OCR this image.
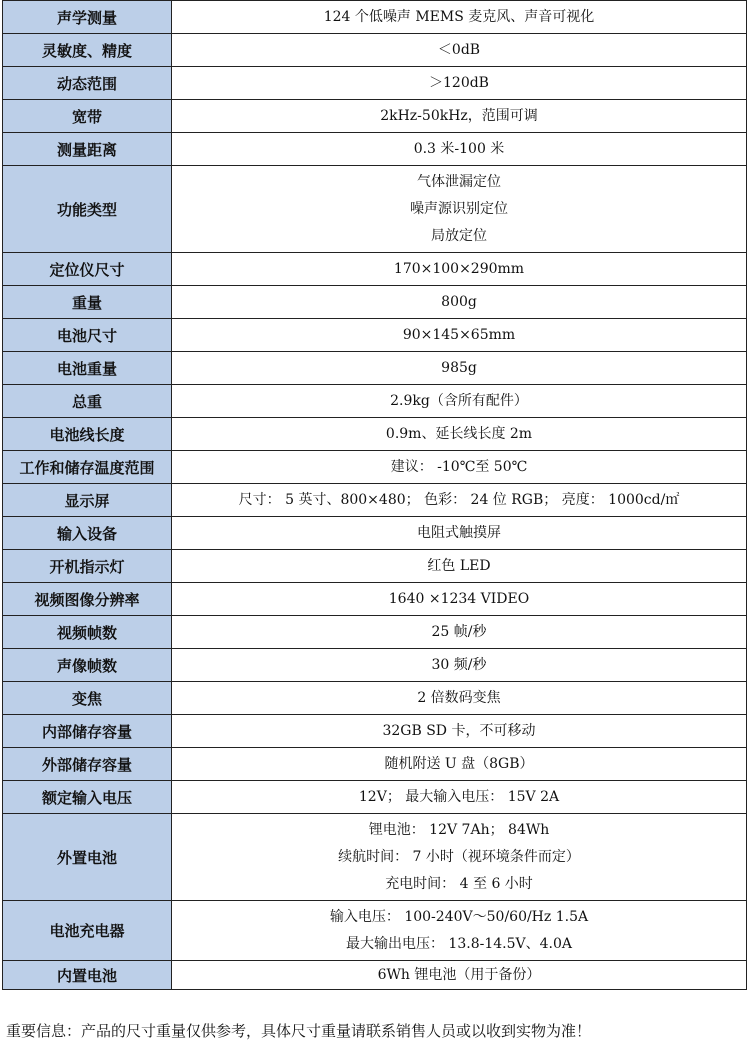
声学测量	124 个低噪声 MEMS 麦克风、声音可视化

灵敏度、精度	＜0dB

动态范围	＞120dB

宽带	2kHz-50kHz，范围可调

测量距离	0.3 米-100 米

功能类型	气体泄漏定位
噪声源识别定位
局放定位

定位仪尺寸	170×100×290mm

重量	800g

电池尺寸	90×145×65mm

电池重量	985g

总重	2.9kg（含所有配件）

电池线长度	0.9m、延长线长度 2m

工作和储存温度范围	建议： -10℃至 50℃

显示屏	尺寸： 5 英寸、800×480； 色彩： 24 位 RGB； 亮度： 1000cd/㎡

输入设备	电阻式触摸屏

开机指示灯	红色 LED

视频图像分辨率	1640 ×1234 VIDEO

视频帧数	25 帧/秒

声像帧数	30 频/秒

变焦	2 倍数码变焦

内部储存容量	32GB SD 卡，不可移动

外部储存容量	随机附送 U 盘（8GB）

额定输入电压	12V； 最大输入电压： 15V 2A

外置电池	锂电池： 12V 7Ah； 84Wh
续航时间： 7 小时（视环境条件而定）
充电时间： 4 至 6 小时

电池充电器	输入电压： 100-240V～50/60/Hz 1.5A
最大输出电压： 13.8-14.5V、4.0A

内置电池	6Wh 锂电池（用于备份）
重要信息：产品的尺寸重量仅供参考，具体尺寸重量请联系销售人员或以收到实物为准！
